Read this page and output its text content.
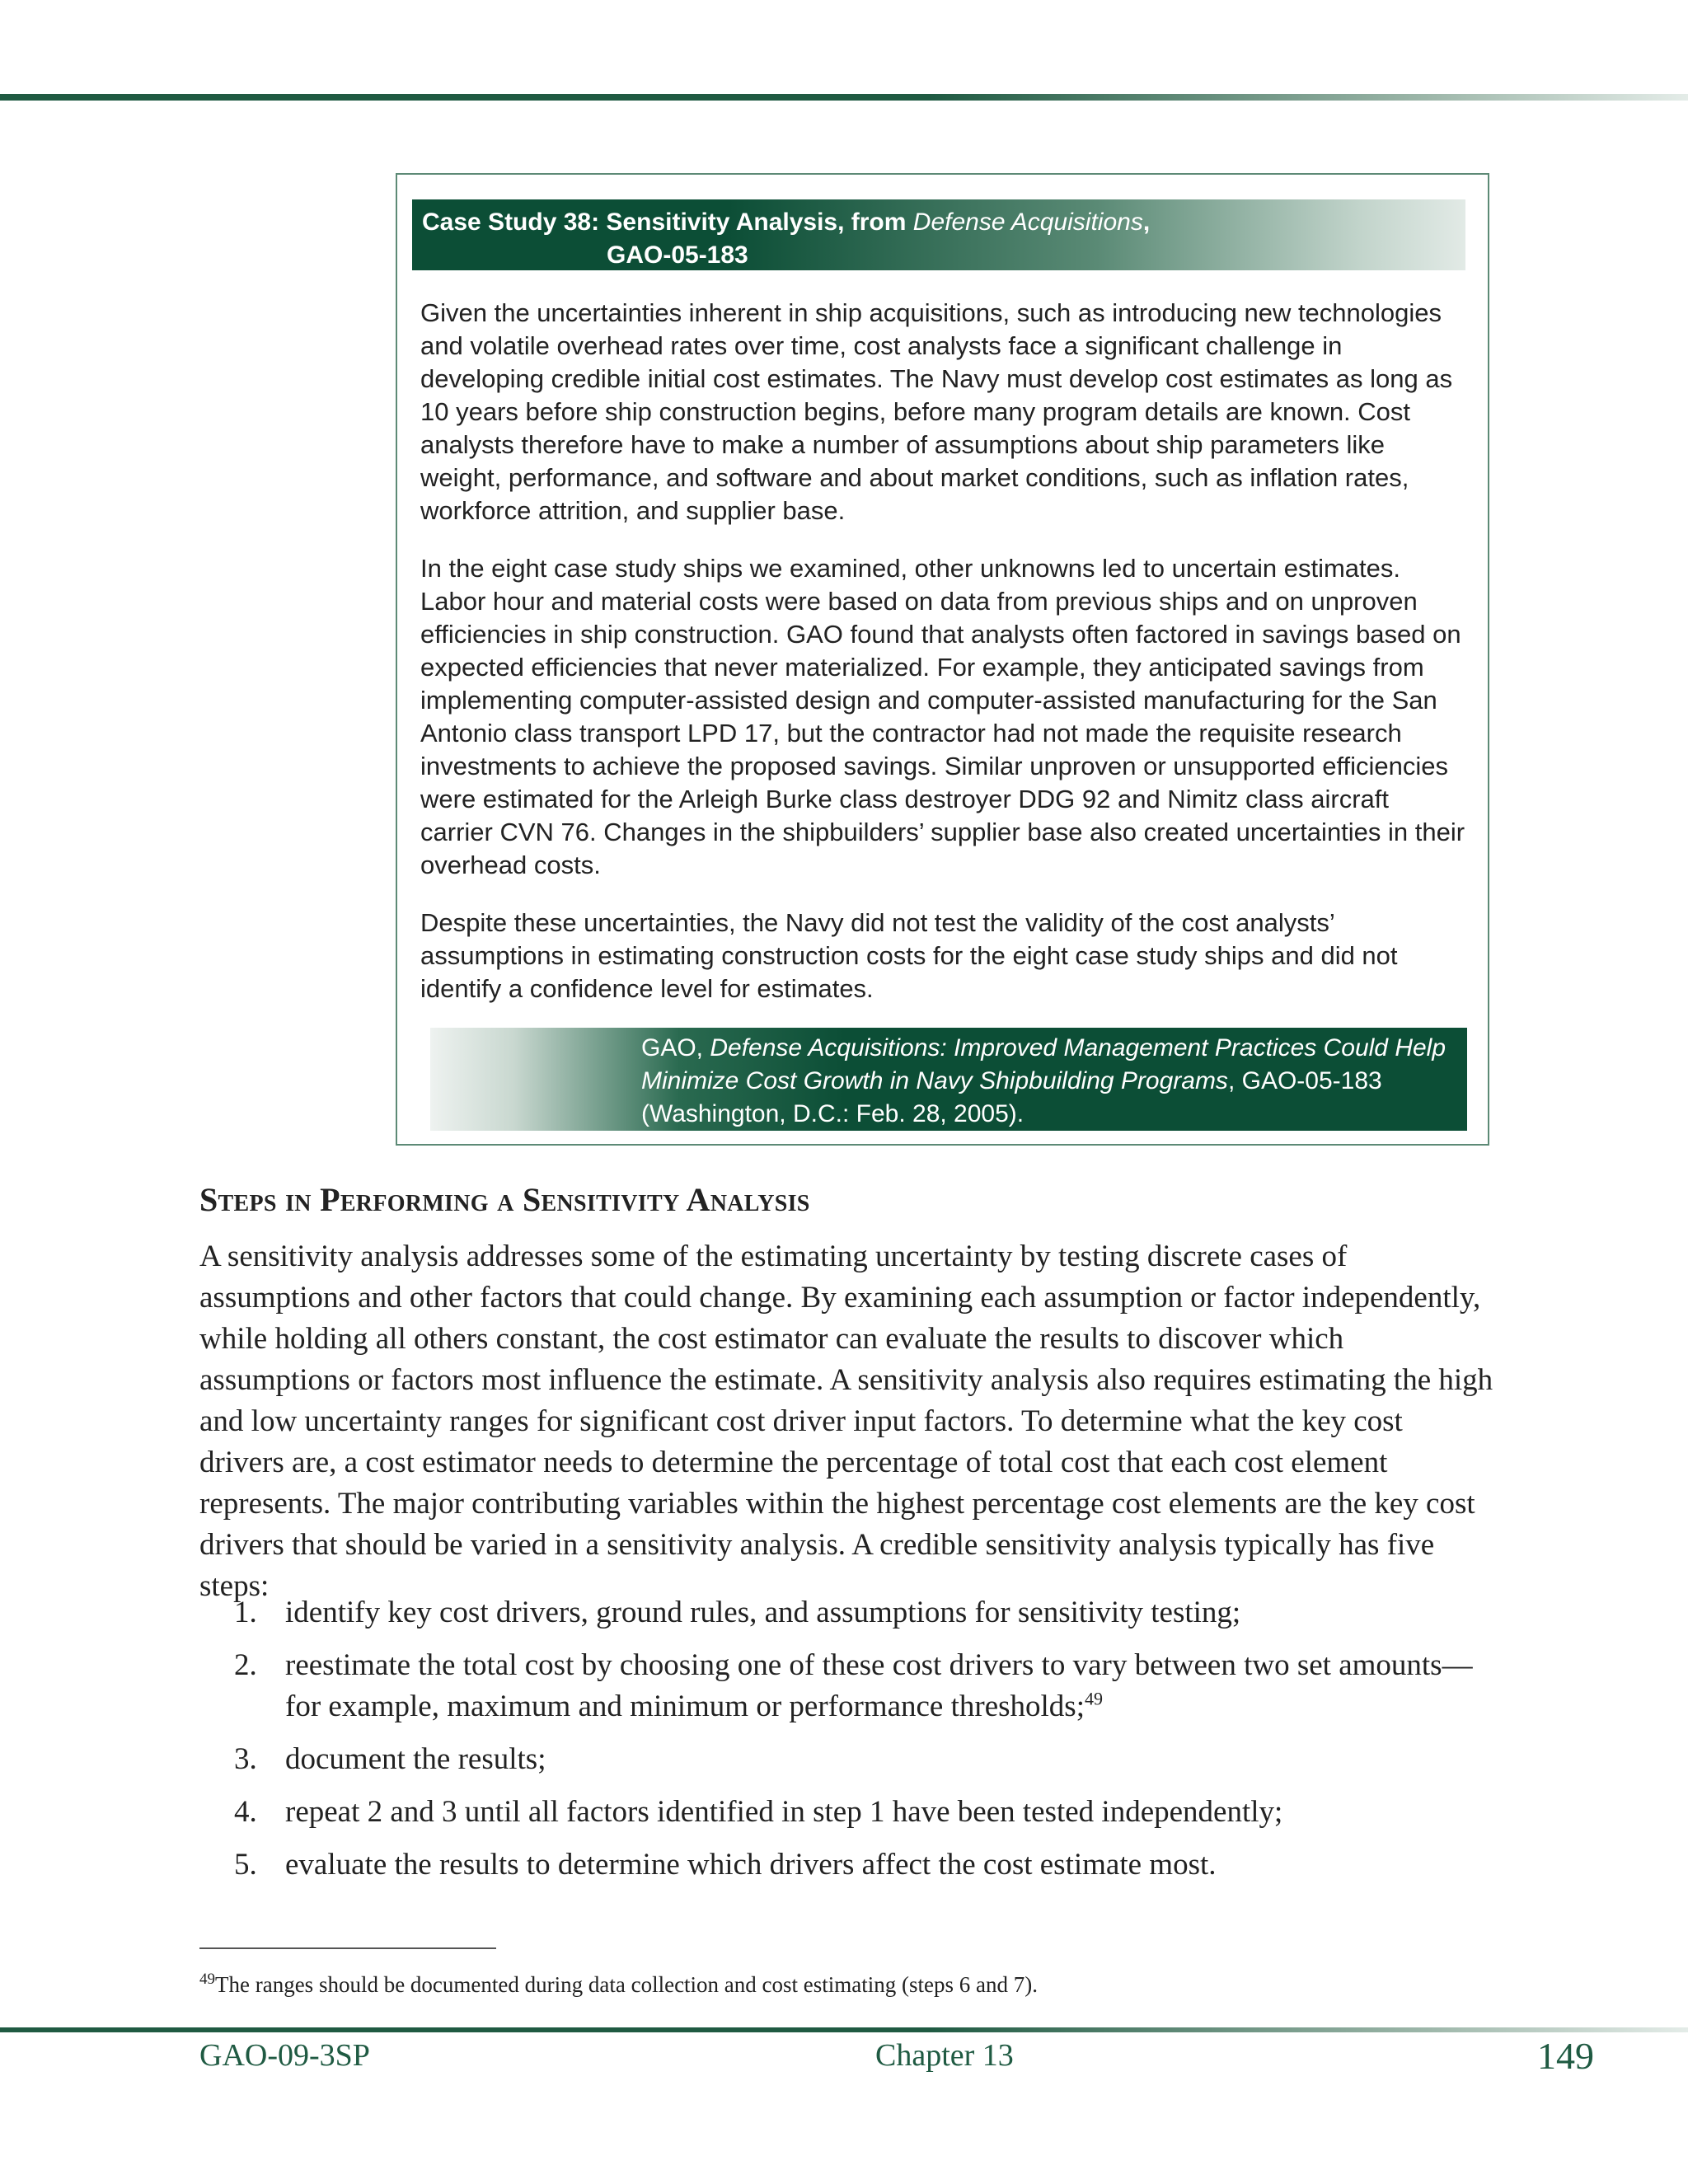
Case Study 38: Sensitivity Analysis, from Defense Acquisitions,
GAO-05-183

Given the uncertainties inherent in ship acquisitions, such as introducing new technologies and volatile overhead rates over time, cost analysts face a significant challenge in developing credible initial cost estimates. The Navy must develop cost estimates as long as 10 years before ship construction begins, before many program details are known. Cost analysts therefore have to make a number of assumptions about ship parameters like weight, performance, and software and about market conditions, such as inflation rates, workforce attrition, and supplier base.

In the eight case study ships we examined, other unknowns led to uncertain estimates. Labor hour and material costs were based on data from previous ships and on unproven efficiencies in ship construction. GAO found that analysts often factored in savings based on expected efficiencies that never materialized. For example, they anticipated savings from implementing computer-assisted design and computer-assisted manufacturing for the San Antonio class transport LPD 17, but the contractor had not made the requisite research investments to achieve the proposed savings. Similar unproven or unsupported efficiencies were estimated for the Arleigh Burke class destroyer DDG 92 and Nimitz class aircraft carrier CVN 76. Changes in the shipbuilders’ supplier base also created uncertainties in their overhead costs.

Despite these uncertainties, the Navy did not test the validity of the cost analysts’ assumptions in estimating construction costs for the eight case study ships and did not identify a confidence level for estimates.

GAO, Defense Acquisitions: Improved Management Practices Could Help Minimize Cost Growth in Navy Shipbuilding Programs, GAO-05-183 (Washington, D.C.: Feb. 28, 2005).
Steps in Performing a Sensitivity Analysis

A sensitivity analysis addresses some of the estimating uncertainty by testing discrete cases of assumptions and other factors that could change. By examining each assumption or factor independently, while holding all others constant, the cost estimator can evaluate the results to discover which assumptions or factors most influence the estimate. A sensitivity analysis also requires estimating the high and low uncertainty ranges for significant cost driver input factors. To determine what the key cost drivers are, a cost estimator needs to determine the percentage of total cost that each cost element represents. The major contributing variables within the highest percentage cost elements are the key cost drivers that should be varied in a sensitivity analysis. A credible sensitivity analysis typically has five steps:

1. identify key cost drivers, ground rules, and assumptions for sensitivity testing;
2. reestimate the total cost by choosing one of these cost drivers to vary between two set amounts—for example, maximum and minimum or performance thresholds;$^{49}$
3. document the results;
4. repeat 2 and 3 until all factors identified in step 1 have been tested independently;
5. evaluate the results to determine which drivers affect the cost estimate most.
$^{49}$The ranges should be documented during data collection and cost estimating (steps 6 and 7).
GAO-09-3SP	Chapter 13	149
